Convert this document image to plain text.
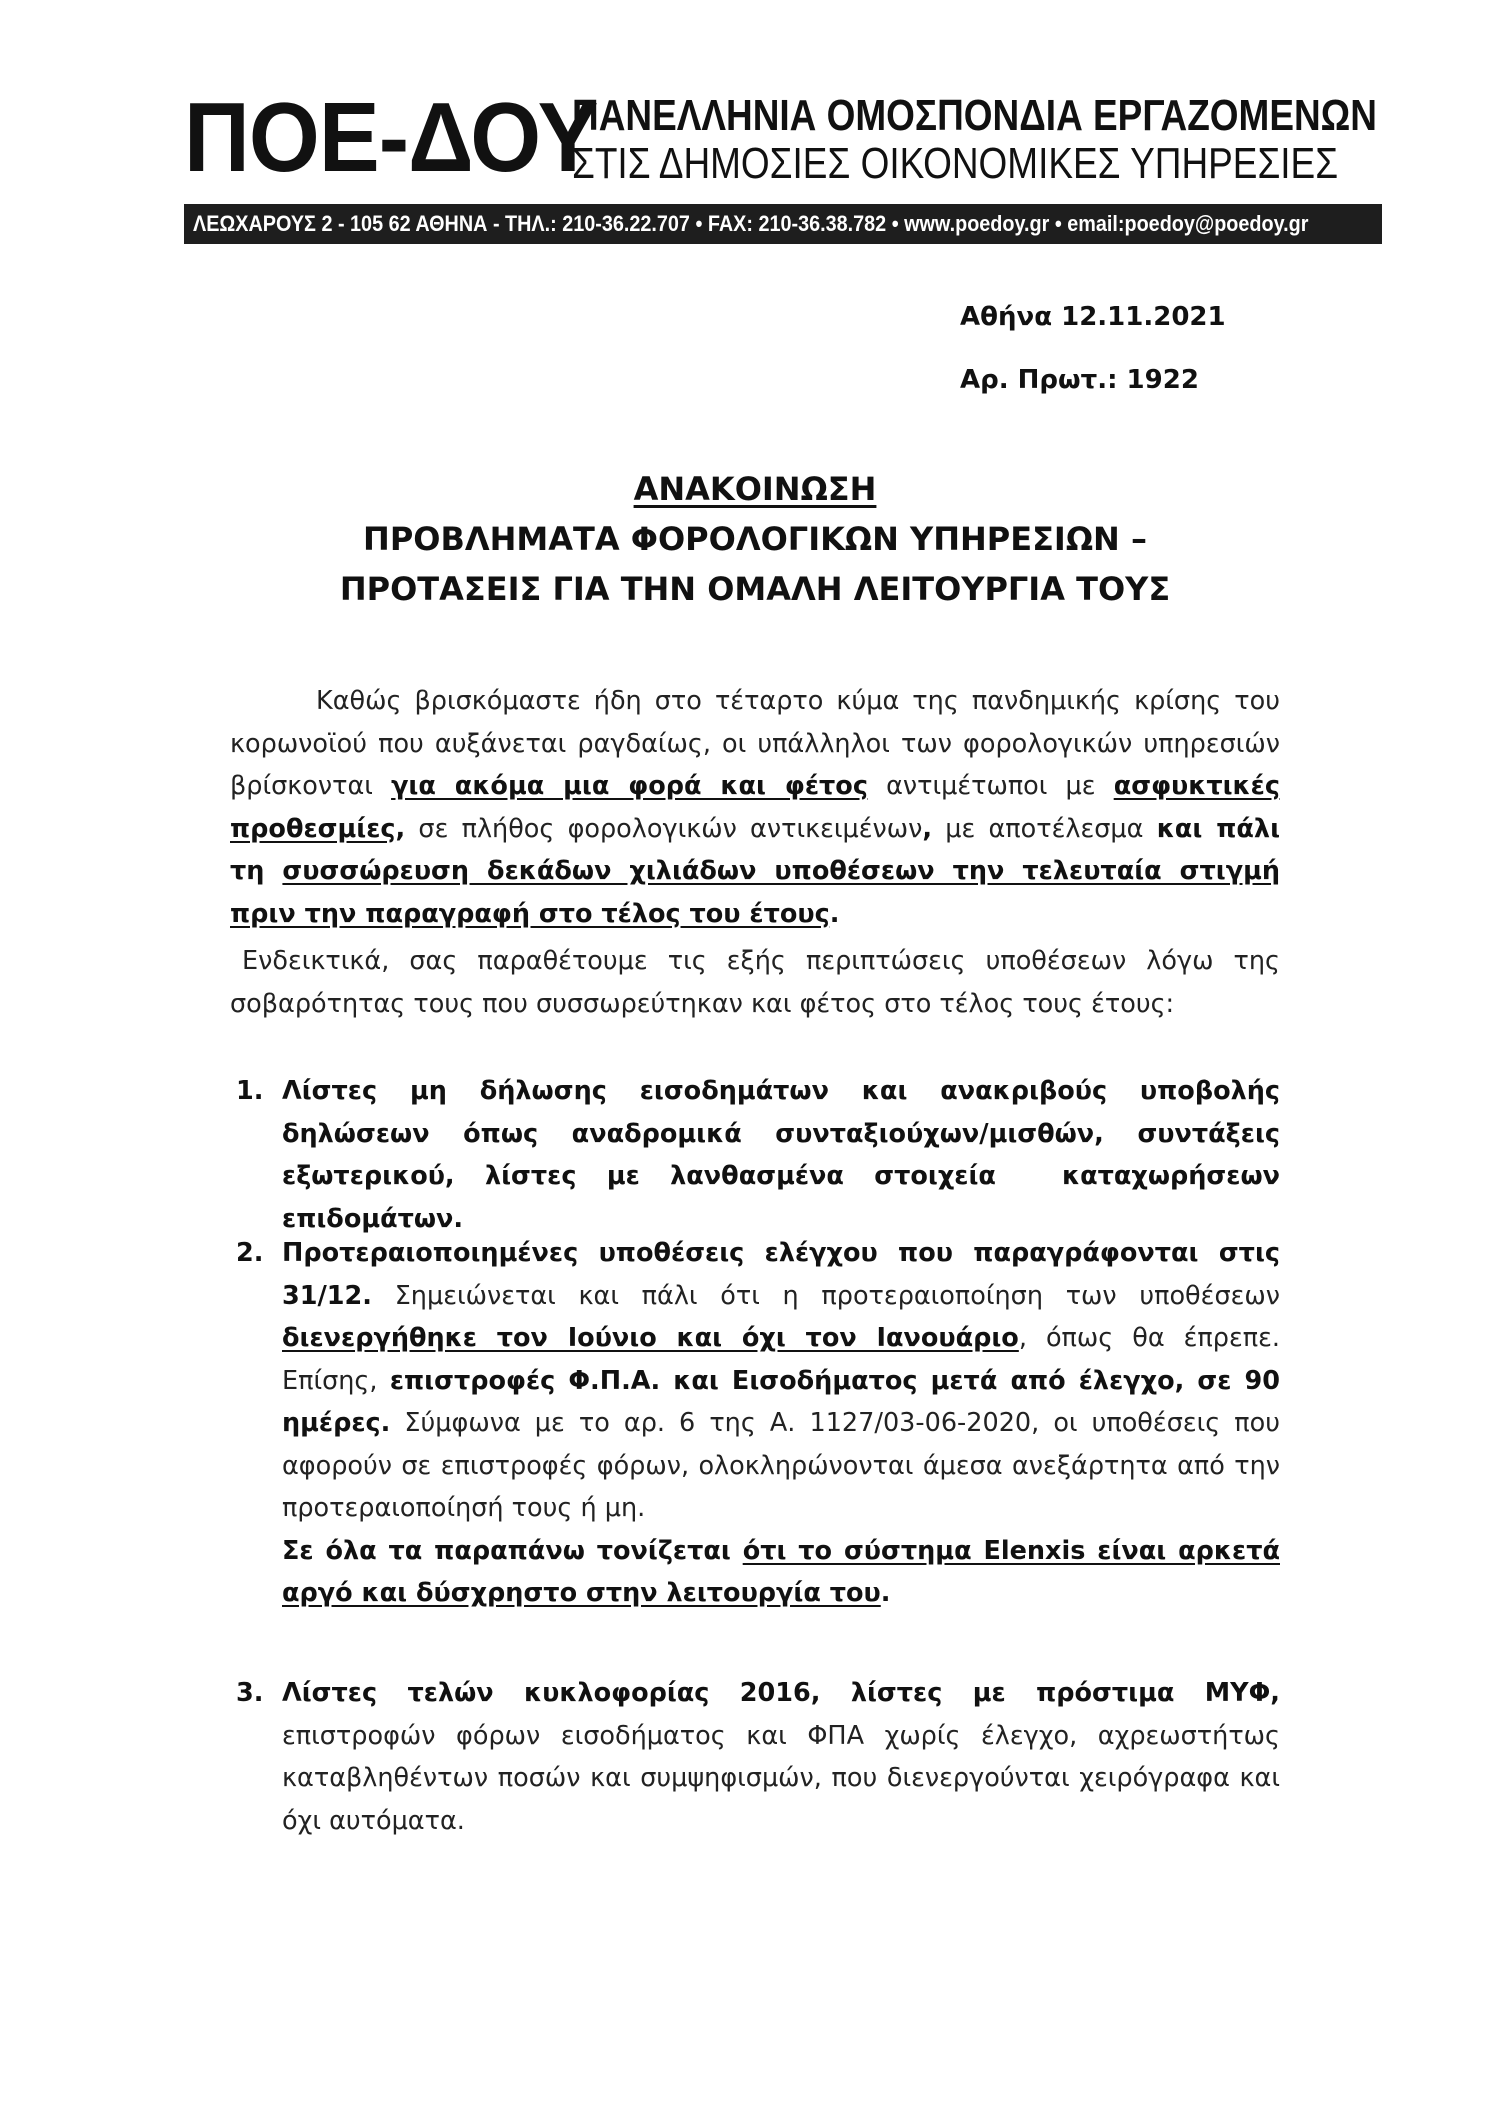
ΠΟΕ-ΔΟΥ
ΠΑΝΕΛΛΗΝΙΑ ΟΜΟΣΠΟΝΔΙΑ ΕΡΓΑΖΟΜΕΝΩΝ
ΣΤΙΣ ΔΗΜΟΣΙΕΣ ΟΙΚΟΝΟΜΙΚΕΣ ΥΠΗΡΕΣΙΕΣ
ΛΕΩΧΑΡΟΥΣ 2 - 105 62 ΑΘΗΝΑ - ΤΗΛ.: 210-36.22.707 • FAX: 210-36.38.782 • www.poedoy.gr • email:poedoy@poedoy.gr
Αθήνα 12.11.2021
Αρ. Πρωτ.: 1922
ΑΝΑΚΟΙΝΩΣΗ
ΠΡΟΒΛΗΜΑΤΑ ΦΟΡΟΛΟΓΙΚΩΝ ΥΠΗΡΕΣΙΩΝ –
ΠΡΟΤΑΣΕΙΣ ΓΙΑ ΤΗΝ ΟΜΑΛΗ ΛΕΙΤΟΥΡΓΙΑ ΤΟΥΣ
Καθώς βρισκόμαστε ήδη στο τέταρτο κύμα της πανδημικής κρίσης του κορωνοϊού που αυξάνεται ραγδαίως, οι υπάλληλοι των φορολογικών υπηρεσιών βρίσκονται για ακόμα μια φορά και φέτος αντιμέτωποι με ασφυκτικές προθεσμίες, σε πλήθος φορολογικών αντικειμένων, με αποτέλεσμα και πάλι τη συσσώρευση δεκάδων χιλιάδων υποθέσεων την τελευταία στιγμή πριν την παραγραφή στο τέλος του έτους.
Ενδεικτικά, σας παραθέτουμε τις εξής περιπτώσεις υποθέσεων λόγω της σοβαρότητας τους που συσσωρεύτηκαν και φέτος στο τέλος τους έτους:
1. Λίστες μη δήλωσης εισοδημάτων και ανακριβούς υποβολής δηλώσεων όπως αναδρομικά συνταξιούχων/μισθών, συντάξεις εξωτερικού, λίστες με λανθασμένα στοιχεία	καταχωρήσεων επιδομάτων.
2. Προτεραιοποιημένες υποθέσεις ελέγχου που παραγράφονται στις 31/12. Σημειώνεται και πάλι ότι η προτεραιοποίηση των υποθέσεων διενεργήθηκε τον Ιούνιο και όχι τον Ιανουάριο, όπως θα έπρεπε. Επίσης, επιστροφές Φ.Π.Α. και Εισοδήματος μετά από έλεγχο, σε 90 ημέρες. Σύμφωνα με το αρ. 6 της Α. 1127/03-06-2020, οι υποθέσεις που αφορούν σε επιστροφές φόρων, ολοκληρώνονται άμεσα ανεξάρτητα από την προτεραιοποίησή τους ή μη.
Σε όλα τα παραπάνω τονίζεται ότι το σύστημα Elenxis είναι αρκετά αργό και δύσχρηστο στην λειτουργία του.
3. Λίστες τελών κυκλοφορίας 2016, λίστες με πρόστιμα ΜΥΦ, επιστροφών φόρων εισοδήματος και ΦΠΑ χωρίς έλεγχο, αχρεωστήτως καταβληθέντων ποσών και συμψηφισμών, που διενεργούνται χειρόγραφα και όχι αυτόματα.
